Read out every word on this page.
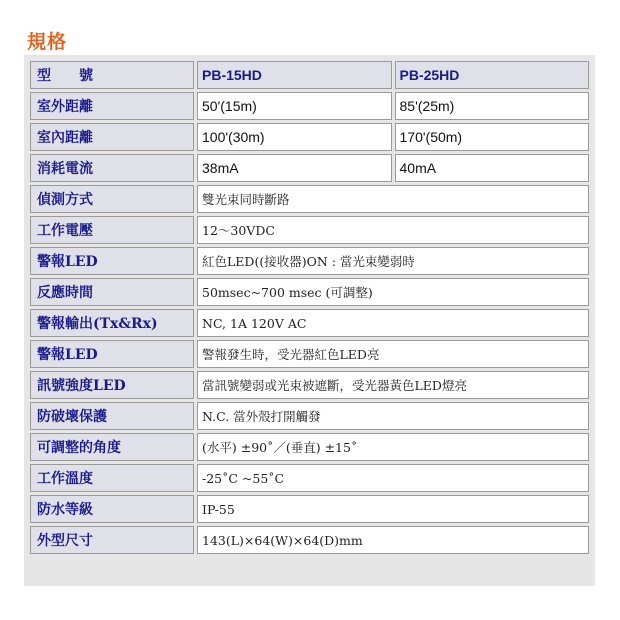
規格
型　　號	PB-15HD	PB-25HD
室外距離	50'(15m)	85'(25m)
室內距離	100'(30m)	170'(50m)
消耗電流	38mA	40mA
偵測方式	雙光束同時斷路	
工作電壓	12～30VDC	
警報LED	紅色LED((接收器)ON : 當光束變弱時	
反應時間	50msec~700 msec (可調整)	
警報輸出(Tx&Rx)	NC, 1A 120V AC	
警報LED	警報發生時，受光器紅色LED亮	
訊號強度LED	當訊號變弱或光束被遮斷，受光器黃色LED燈亮	
防破壞保護	N.C. 當外殼打開觸發	
可調整的角度	(水平) ±90˚／(垂直) ±15˚	
工作溫度	-25˚C ~55˚C	
防水等級	IP-55	
外型尺寸	143(L)×64(W)×64(D)mm	
